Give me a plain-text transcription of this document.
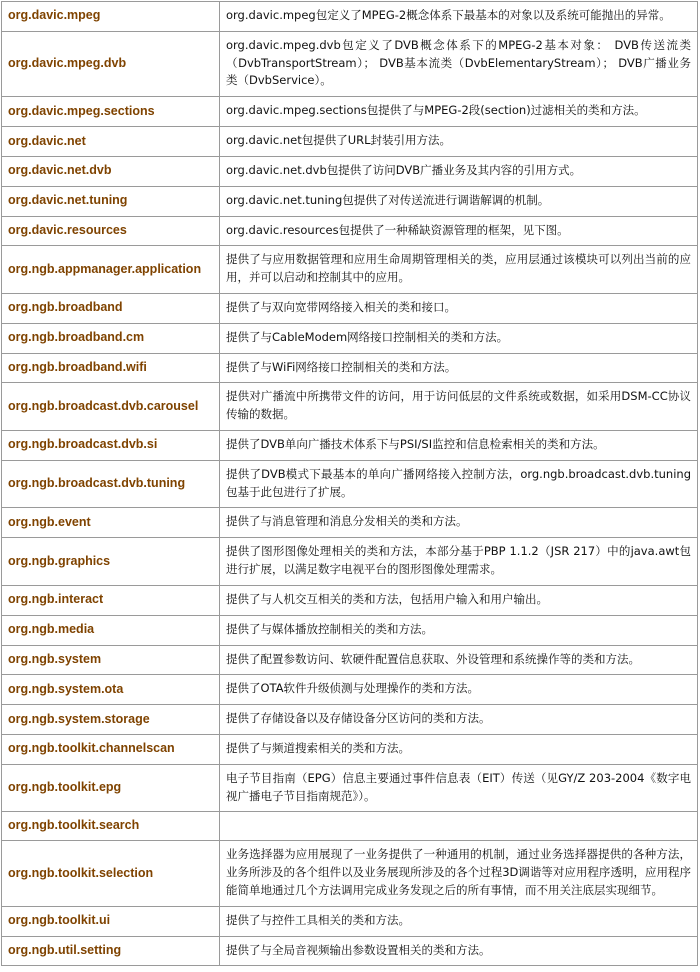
org.davic.mpeg	org.davic.mpeg包定义了MPEG-2概念体系下最基本的对象以及系统可能抛出的异常。
org.davic.mpeg.dvb	org.davic.mpeg.dvb包定义了DVB概念体系下的MPEG-2基本对象： DVB传送流类（DvbTransportStream）； DVB基本流类（DvbElementaryStream）； DVB广播业务类（DvbService）。
org.davic.mpeg.sections	org.davic.mpeg.sections包提供了与MPEG-2段(section)过滤相关的类和方法。
org.davic.net	org.davic.net包提供了URL封装引用方法。
org.davic.net.dvb	org.davic.net.dvb包提供了访问DVB广播业务及其内容的引用方式。
org.davic.net.tuning	org.davic.net.tuning包提供了对传送流进行调谐解调的机制。
org.davic.resources	org.davic.resources包提供了一种稀缺资源管理的框架，见下图。
org.ngb.appmanager.application	提供了与应用数据管理和应用生命周期管理相关的类，应用层通过该模块可以列出当前的应用，并可以启动和控制其中的应用。
org.ngb.broadband	提供了与双向宽带网络接入相关的类和接口。
org.ngb.broadband.cm	提供了与CableModem网络接口控制相关的类和方法。
org.ngb.broadband.wifi	提供了与WiFi网络接口控制相关的类和方法。
org.ngb.broadcast.dvb.carousel	提供对广播流中所携带文件的访问，用于访问低层的文件系统或数据，如采用DSM-CC协议传输的数据。
org.ngb.broadcast.dvb.si	提供了DVB单向广播技术体系下与PSI/SI监控和信息检索相关的类和方法。
org.ngb.broadcast.dvb.tuning	提供了DVB模式下最基本的单向广播网络接入控制方法，org.ngb.broadcast.dvb.tuning包基于此包进行了扩展。
org.ngb.event	提供了与消息管理和消息分发相关的类和方法。
org.ngb.graphics	提供了图形图像处理相关的类和方法，本部分基于PBP 1.1.2（JSR 217）中的java.awt包进行扩展，以满足数字电视平台的图形图像处理需求。
org.ngb.interact	提供了与人机交互相关的类和方法，包括用户输入和用户输出。
org.ngb.media	提供了与媒体播放控制相关的类和方法。
org.ngb.system	提供了配置参数访问、软硬件配置信息获取、外设管理和系统操作等的类和方法。
org.ngb.system.ota	提供了OTA软件升级侦测与处理操作的类和方法。
org.ngb.system.storage	提供了存储设备以及存储设备分区访问的类和方法。
org.ngb.toolkit.channelscan	提供了与频道搜索相关的类和方法。
org.ngb.toolkit.epg	电子节目指南（EPG）信息主要通过事件信息表（EIT）传送（见GY/Z 203-2004《数字电视广播电子节目指南规范》）。
org.ngb.toolkit.search	
org.ngb.toolkit.selection	业务选择器为应用展现了一业务提供了一种通用的机制，通过业务选择器提供的各种方法，业务所涉及的各个组件以及业务展现所涉及的各个过程3D调谐等对应用程序透明，应用程序能简单地通过几个方法调用完成业务发现之后的所有事情，而不用关注底层实现细节。
org.ngb.toolkit.ui	提供了与控件工具相关的类和方法。
org.ngb.util.setting	提供了与全局音视频输出参数设置相关的类和方法。
